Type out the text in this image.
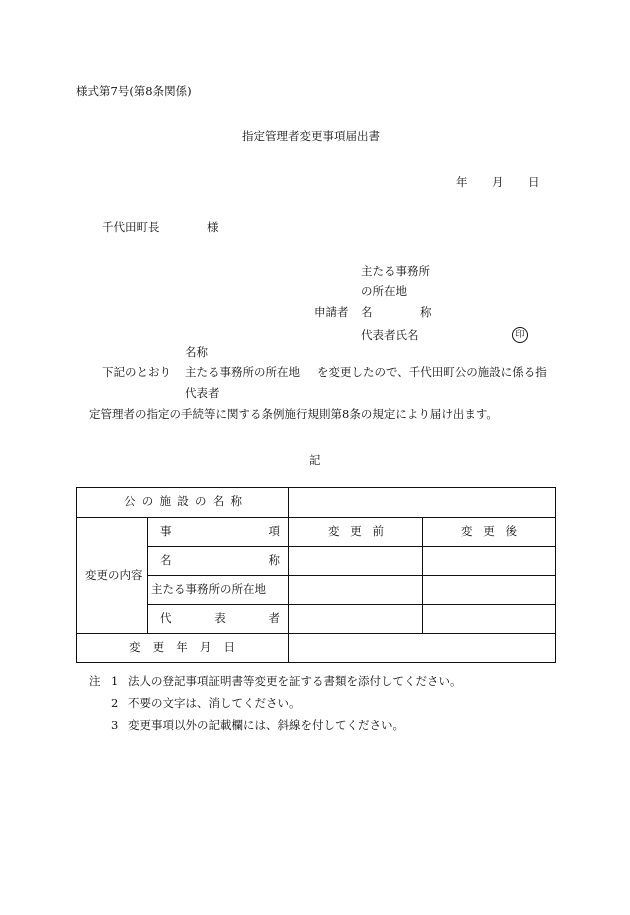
様式第7号(第8条関係)
指定管理者変更事項届出書
年 月 日
千代田町長	様
主たる事務所
の所在地
申請者 名	称
代表者氏名	印
名称
下記のとおり 主たる事務所の所在地 を変更したので、千代田町公の施設に係る指
代表者
定管理者の指定の手続等に関する条例施行規則第8条の規定により届け出ます。
記
公 の 施 設 の 名 称
変更の内容
事	項	変 更 前	変 更 後
名	称
主たる事務所の所在地
代	表	者
変 更 年 月 日
注 1 法人の登記事項証明書等変更を証する書類を添付してください。
2 不要の文字は、消してください。
3 変更事項以外の記載欄には、斜線を付してください。
